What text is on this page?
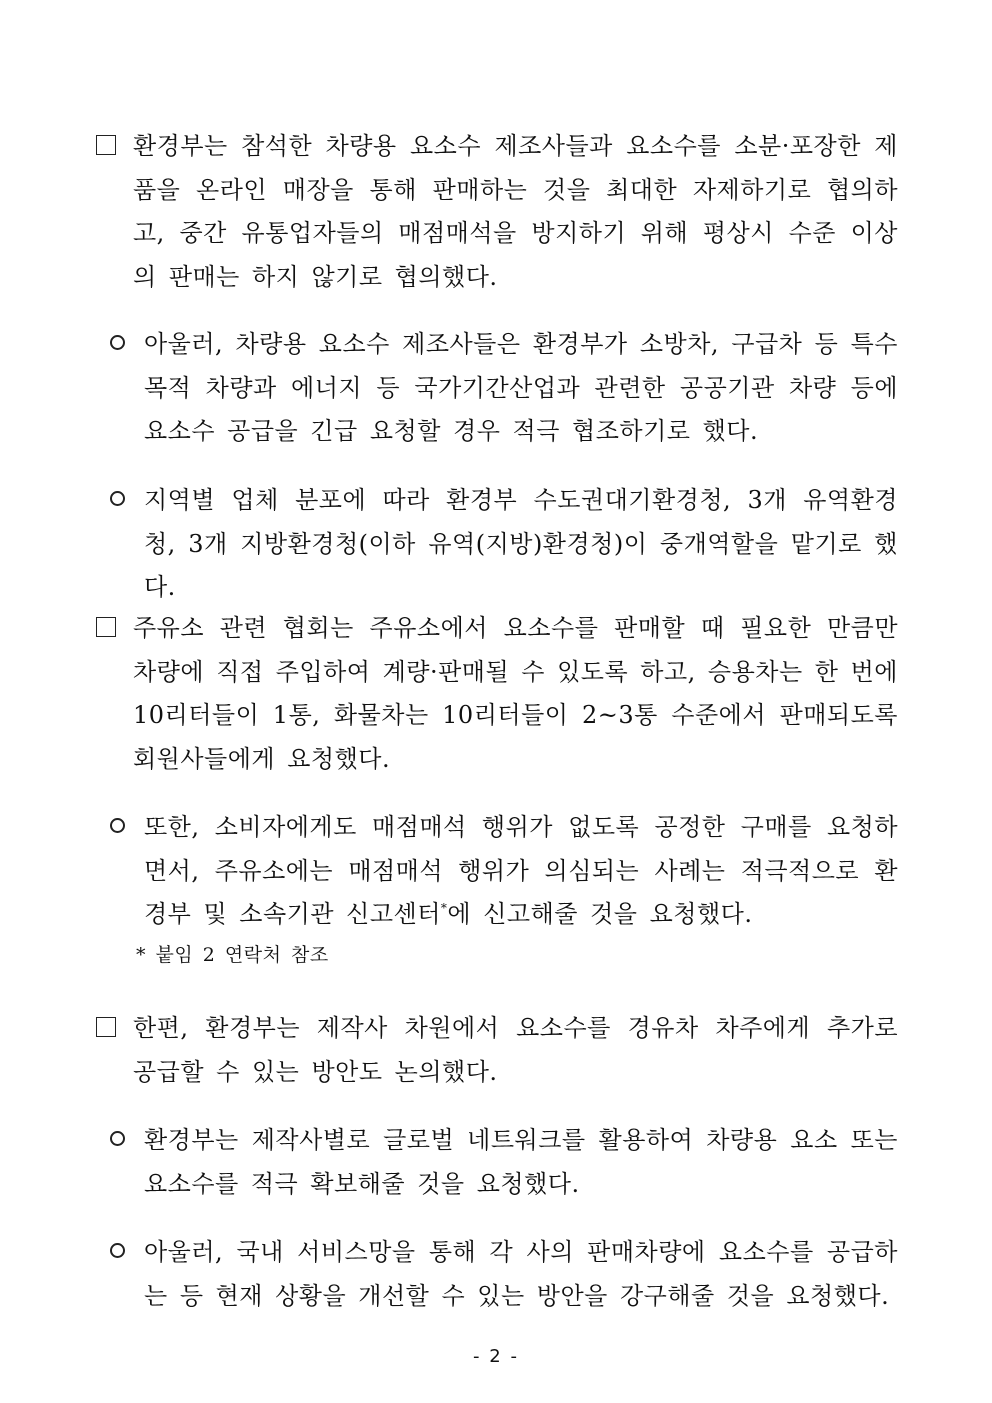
환경부는 참석한 차량용 요소수 제조사들과 요소수를 소분·포장한 제품을 온라인 매장을 통해 판매하는 것을 최대한 자제하기로 협의하고, 중간 유통업자들의 매점매석을 방지하기 위해 평상시 수준 이상의 판매는 하지 않기로 협의했다.
아울러, 차량용 요소수 제조사들은 환경부가 소방차, 구급차 등 특수목적 차량과 에너지 등 국가기간산업과 관련한 공공기관 차량 등에 요소수 공급을 긴급 요청할 경우 적극 협조하기로 했다.
지역별 업체 분포에 따라 환경부 수도권대기환경청, 3개 유역환경청, 3개 지방환경청(이하 유역(지방)환경청)이 중개역할을 맡기로 했다.
주유소 관련 협회는 주유소에서 요소수를 판매할 때 필요한 만큼만 차량에 직접 주입하여 계량·판매될 수 있도록 하고, 승용차는 한 번에 10리터들이 1통, 화물차는 10리터들이 2~3통 수준에서 판매되도록 회원사들에게 요청했다.
또한, 소비자에게도 매점매석 행위가 없도록 공정한 구매를 요청하면서, 주유소에는 매점매석 행위가 의심되는 사례는 적극적으로 환경부 및 소속기관 신고센터*에 신고해줄 것을 요청했다.
* 붙임 2 연락처 참조
한편, 환경부는 제작사 차원에서 요소수를 경유차 차주에게 추가로 공급할 수 있는 방안도 논의했다.
환경부는 제작사별로 글로벌 네트워크를 활용하여 차량용 요소 또는 요소수를 적극 확보해줄 것을 요청했다.
아울러, 국내 서비스망을 통해 각 사의 판매차량에 요소수를 공급하는 등 현재 상황을 개선할 수 있는 방안을 강구해줄 것을 요청했다.
- 2 -
